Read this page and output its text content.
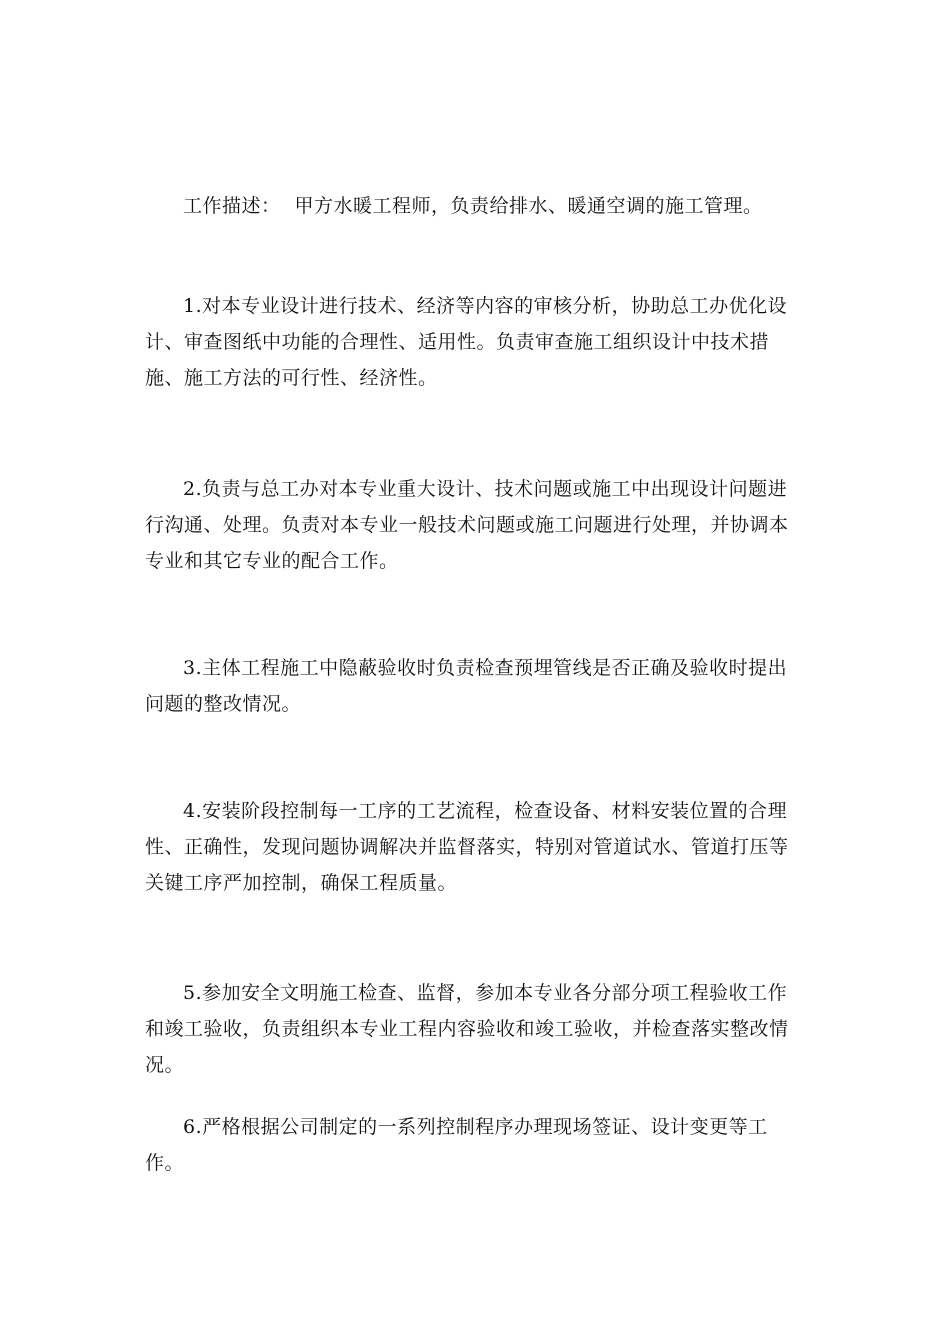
工作描述： 甲方水暖工程师，负责给排水、暖通空调的施工管理。

1.对本专业设计进行技术、经济等内容的审核分析，协助总工办优化设计、审查图纸中功能的合理性、适用性。负责审查施工组织设计中技术措施、施工方法的可行性、经济性。

2.负责与总工办对本专业重大设计、技术问题或施工中出现设计问题进行沟通、处理。负责对本专业一般技术问题或施工问题进行处理，并协调本专业和其它专业的配合工作。

3.主体工程施工中隐蔽验收时负责检查预埋管线是否正确及验收时提出问题的整改情况。

4.安装阶段控制每一工序的工艺流程，检查设备、材料安装位置的合理性、正确性，发现问题协调解决并监督落实，特别对管道试水、管道打压等关键工序严加控制，确保工程质量。

5.参加安全文明施工检查、监督，参加本专业各分部分项工程验收工作和竣工验收，负责组织本专业工程内容验收和竣工验收，并检查落实整改情况。

6.严格根据公司制定的一系列控制程序办理现场签证、设计变更等工作。
